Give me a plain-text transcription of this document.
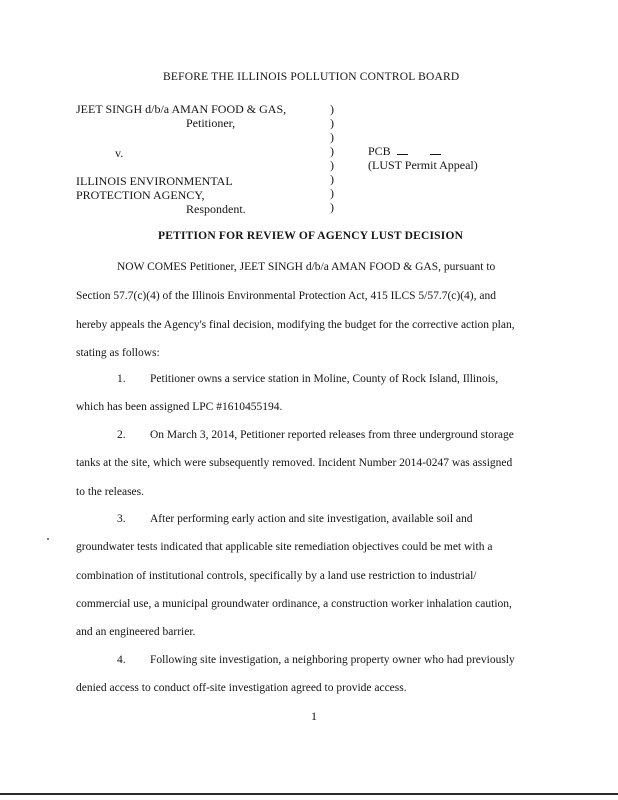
BEFORE THE ILLINOIS POLLUTION CONTROL BOARD
JEET SINGH d/b/a AMAN FOOD & GAS,
Petitioner,
v.
ILLINOIS ENVIRONMENTAL
PROTECTION AGENCY,
Respondent.
)
)
)
)
)
)
)
)
PCB
(LUST Permit Appeal)
PETITION FOR REVIEW OF AGENCY LUST DECISION
NOW COMES Petitioner, JEET SINGH d/b/a AMAN FOOD & GAS, pursuant to
Section 57.7(c)(4) of the Illinois Environmental Protection Act, 415 ILCS 5/57.7(c)(4), and
hereby appeals the Agency's final decision, modifying the budget for the corrective action plan,
stating as follows:
1. Petitioner owns a service station in Moline, County of Rock Island, Illinois,
which has been assigned LPC #1610455194.
2. On March 3, 2014, Petitioner reported releases from three underground storage
tanks at the site, which were subsequently removed. Incident Number 2014-0247 was assigned
to the releases.
3. After performing early action and site investigation, available soil and
groundwater tests indicated that applicable site remediation objectives could be met with a
combination of institutional controls, specifically by a land use restriction to industrial/
commercial use, a municipal groundwater ordinance, a construction worker inhalation caution,
and an engineered barrier.
4. Following site investigation, a neighboring property owner who had previously
denied access to conduct off-site investigation agreed to provide access.
1
